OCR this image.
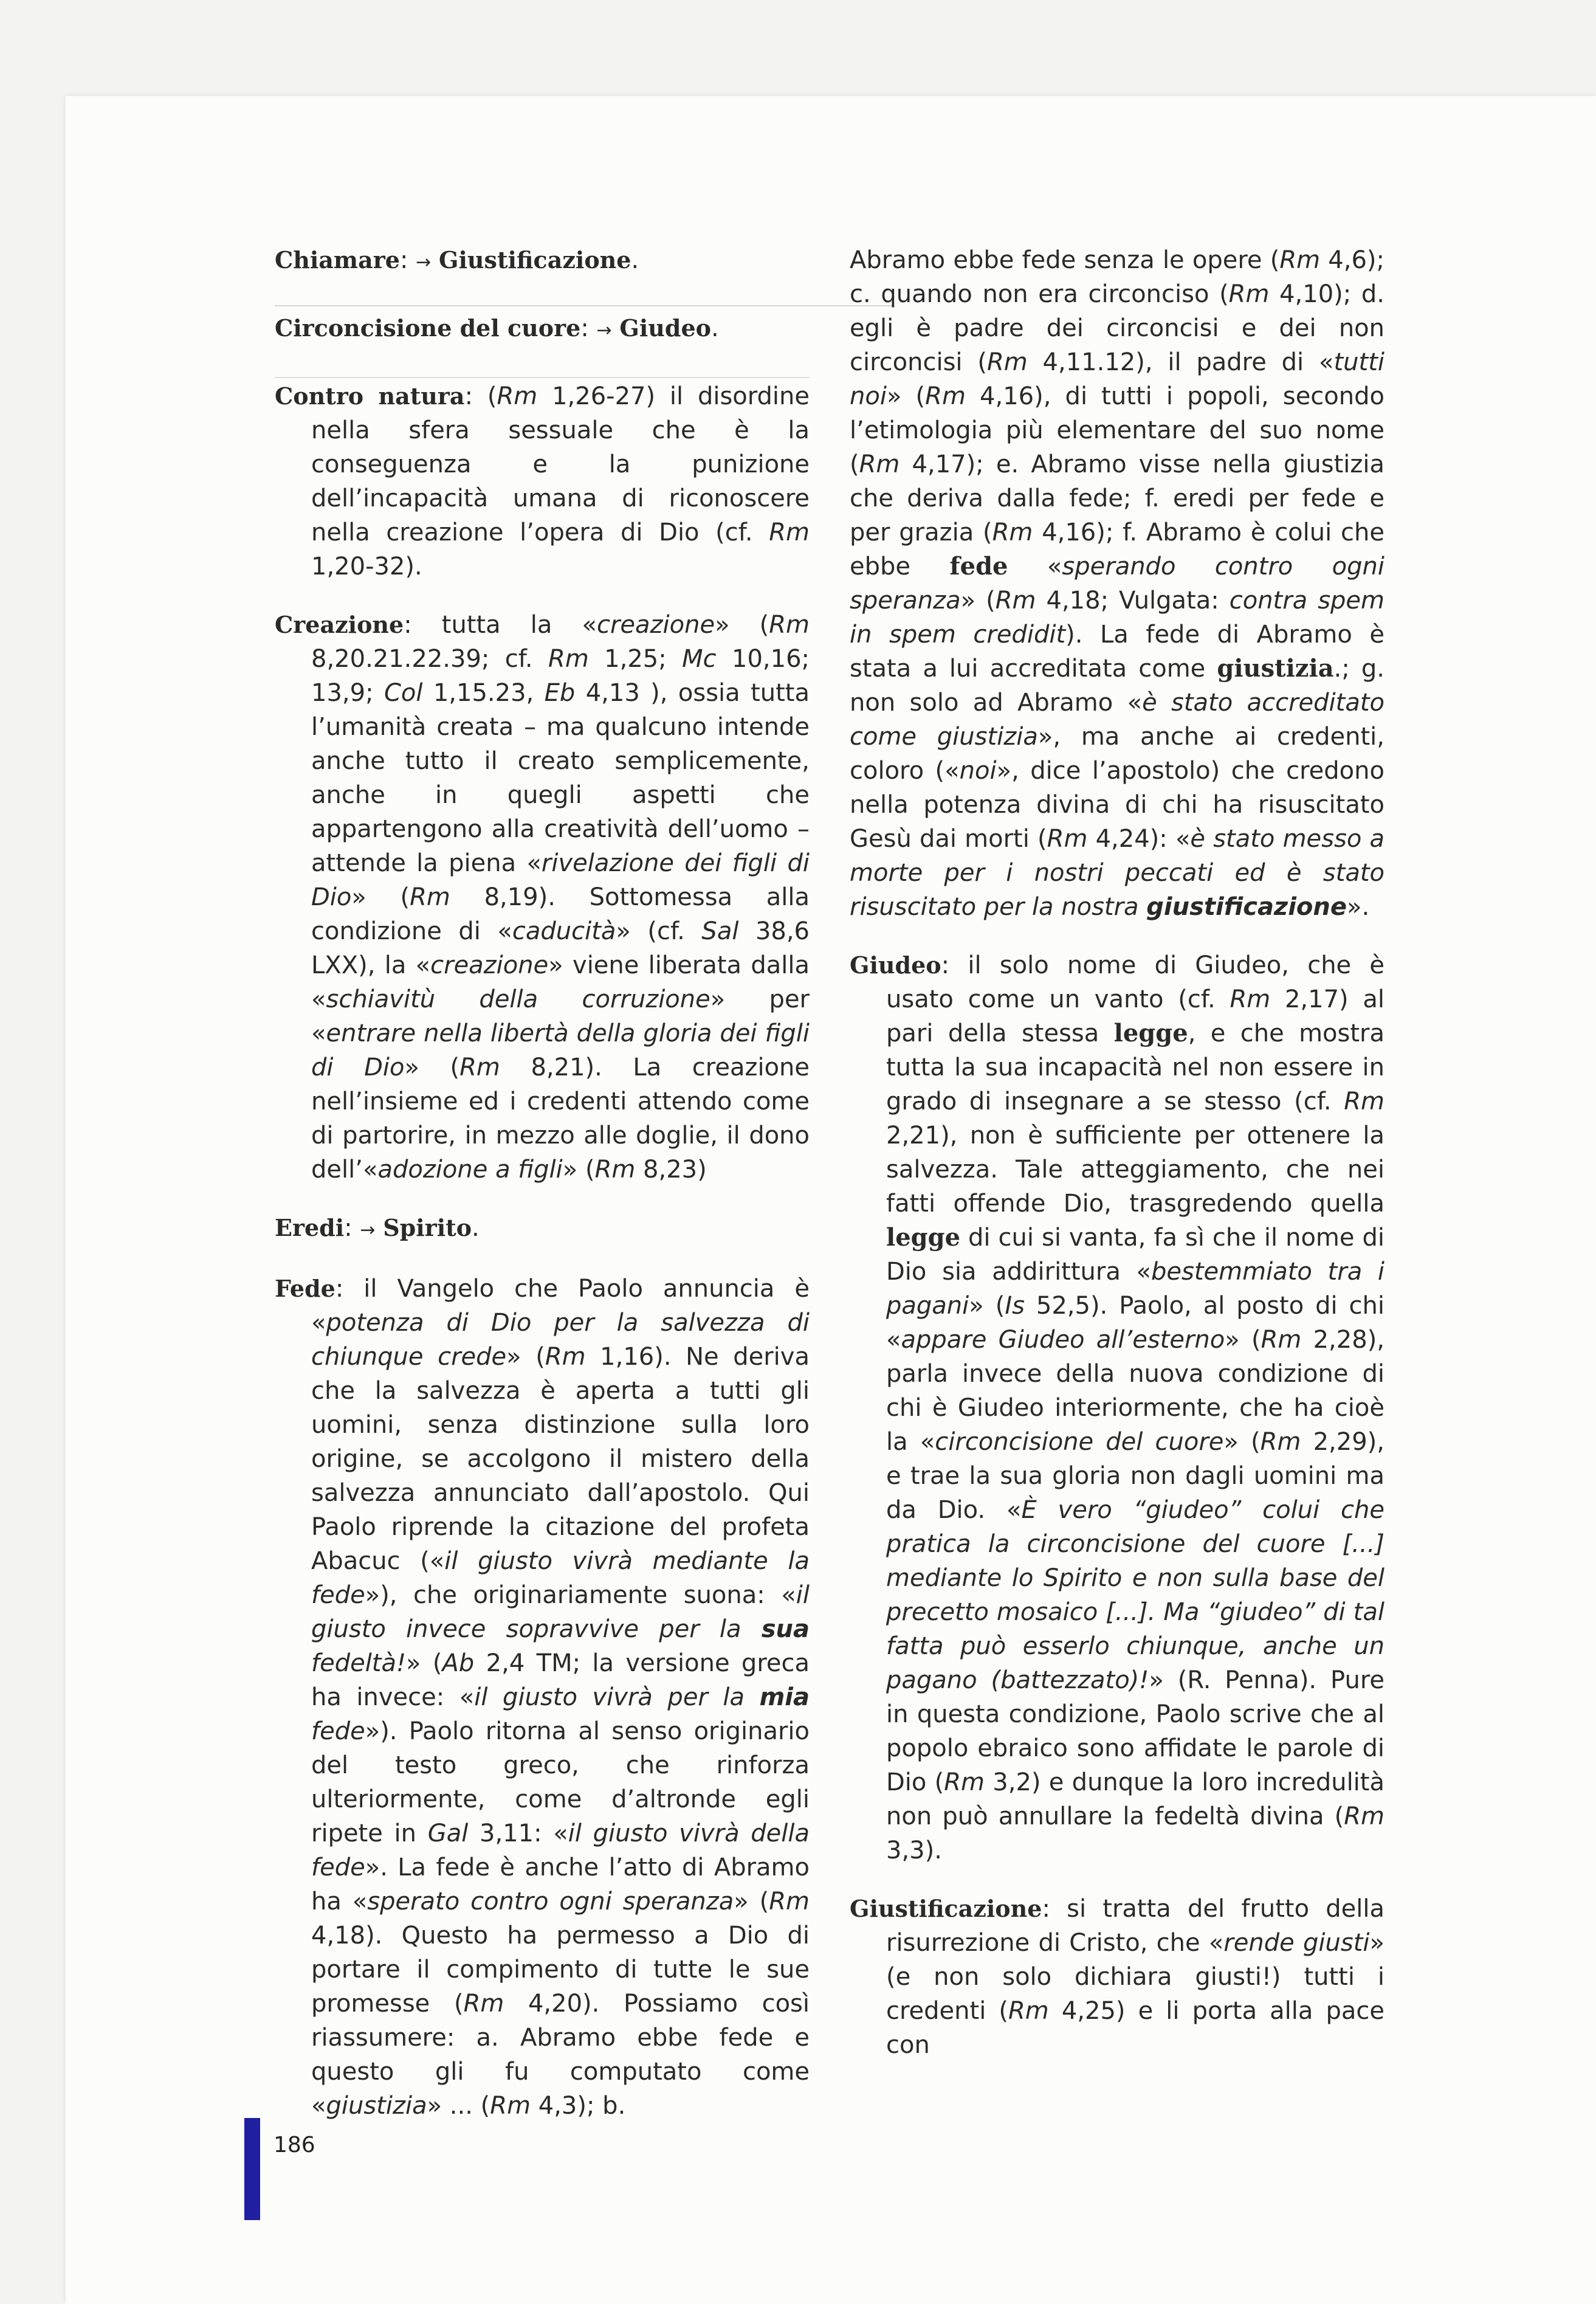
Chiamare: → Giustificazione.

Circoncisione del cuore: → Giudeo.

Contro natura: (Rm 1,26-27) il disordine nella sfera sessuale che è la conseguenza e la punizione dell’incapacità umana di riconoscere nella creazione l’opera di Dio (cf. Rm 1,20-32).

Creazione: tutta la «creazione» (Rm 8,20.21.22.39; cf. Rm 1,25; Mc 10,16; 13,9; Col 1,15.23, Eb 4,13 ), ossia tutta l’umanità creata – ma qualcuno intende anche tutto il creato semplicemente, anche in quegli aspetti che appartengono alla creatività dell’uomo – attende la piena «rivelazione dei figli di Dio» (Rm 8,19). Sottomessa alla condizione di «caducità» (cf. Sal 38,6 LXX), la «creazione» viene liberata dalla «schiavitù della corruzione» per «entrare nella libertà della gloria dei figli di Dio» (Rm 8,21). La creazione nell’insieme ed i credenti attendo come di partorire, in mezzo alle doglie, il dono dell’«adozione a figli» (Rm 8,23)

Eredi: → Spirito.

Fede: il Vangelo che Paolo annuncia è «potenza di Dio per la salvezza di chiunque crede» (Rm 1,16). Ne deriva che la salvezza è aperta a tutti gli uomini, senza distinzione sulla loro origine, se accolgono il mistero della salvezza annunciato dall’apostolo. Qui Paolo riprende la citazione del profeta Abacuc («il giusto vivrà mediante la fede»), che originariamente suona: «il giusto invece sopravvive per la sua fedeltà!» (Ab 2,4 TM; la versione greca ha invece: «il giusto vivrà per la mia fede»). Paolo ritorna al senso originario del testo greco, che rinforza ulteriormente, come d’altronde egli ripete in Gal 3,11: «il giusto vivrà della fede». La fede è anche l’atto di Abramo ha «sperato contro ogni speranza» (Rm 4,18). Questo ha permesso a Dio di portare il compimento di tutte le sue promesse (Rm 4,20). Possiamo così riassumere: a. Abramo ebbe fede e questo gli fu computato come «giustizia» ... (Rm 4,3); b.

Abramo ebbe fede senza le opere (Rm 4,6); c. quando non era circonciso (Rm 4,10); d. egli è padre dei circoncisi e dei non circoncisi (Rm 4,11.12), il padre di «tutti noi» (Rm 4,16), di tutti i popoli, secondo l’etimologia più elementare del suo nome (Rm 4,17); e. Abramo visse nella giustizia che deriva dalla fede; f. eredi per fede e per grazia (Rm 4,16); f. Abramo è colui che ebbe fede «sperando contro ogni speranza» (Rm 4,18; Vulgata: contra spem in spem credidit). La fede di Abramo è stata a lui accreditata come giustizia.; g. non solo ad Abramo «è stato accreditato come giustizia», ma anche ai credenti, coloro («noi», dice l’apostolo) che credono nella potenza divina di chi ha risuscitato Gesù dai morti (Rm 4,24): «è stato messo a morte per i nostri peccati ed è stato risuscitato per la nostra giustificazione».

Giudeo: il solo nome di Giudeo, che è usato come un vanto (cf. Rm 2,17) al pari della stessa legge, e che mostra tutta la sua incapacità nel non essere in grado di insegnare a se stesso (cf. Rm 2,21), non è sufficiente per ottenere la salvezza. Tale atteggiamento, che nei fatti offende Dio, trasgredendo quella legge di cui si vanta, fa sì che il nome di Dio sia addirittura «bestemmiato tra i pagani» (Is 52,5). Paolo, al posto di chi «appare Giudeo all’esterno» (Rm 2,28), parla invece della nuova condizione di chi è Giudeo interiormente, che ha cioè la «circoncisione del cuore» (Rm 2,29), e trae la sua gloria non dagli uomini ma da Dio. «È vero “giudeo” colui che pratica la circoncisione del cuore [...] mediante lo Spirito e non sulla base del precetto mosaico [...]. Ma “giudeo” di tal fatta può esserlo chiunque, anche un pagano (battezzato)!» (R. Penna). Pure in questa condizione, Paolo scrive che al popolo ebraico sono affidate le parole di Dio (Rm 3,2) e dunque la loro incredulità non può annullare la fedeltà divina (Rm 3,3).

Giustificazione: si tratta del frutto della risurrezione di Cristo, che «rende giusti» (e non solo dichiara giusti!) tutti i credenti (Rm 4,25) e li porta alla pace con

186
